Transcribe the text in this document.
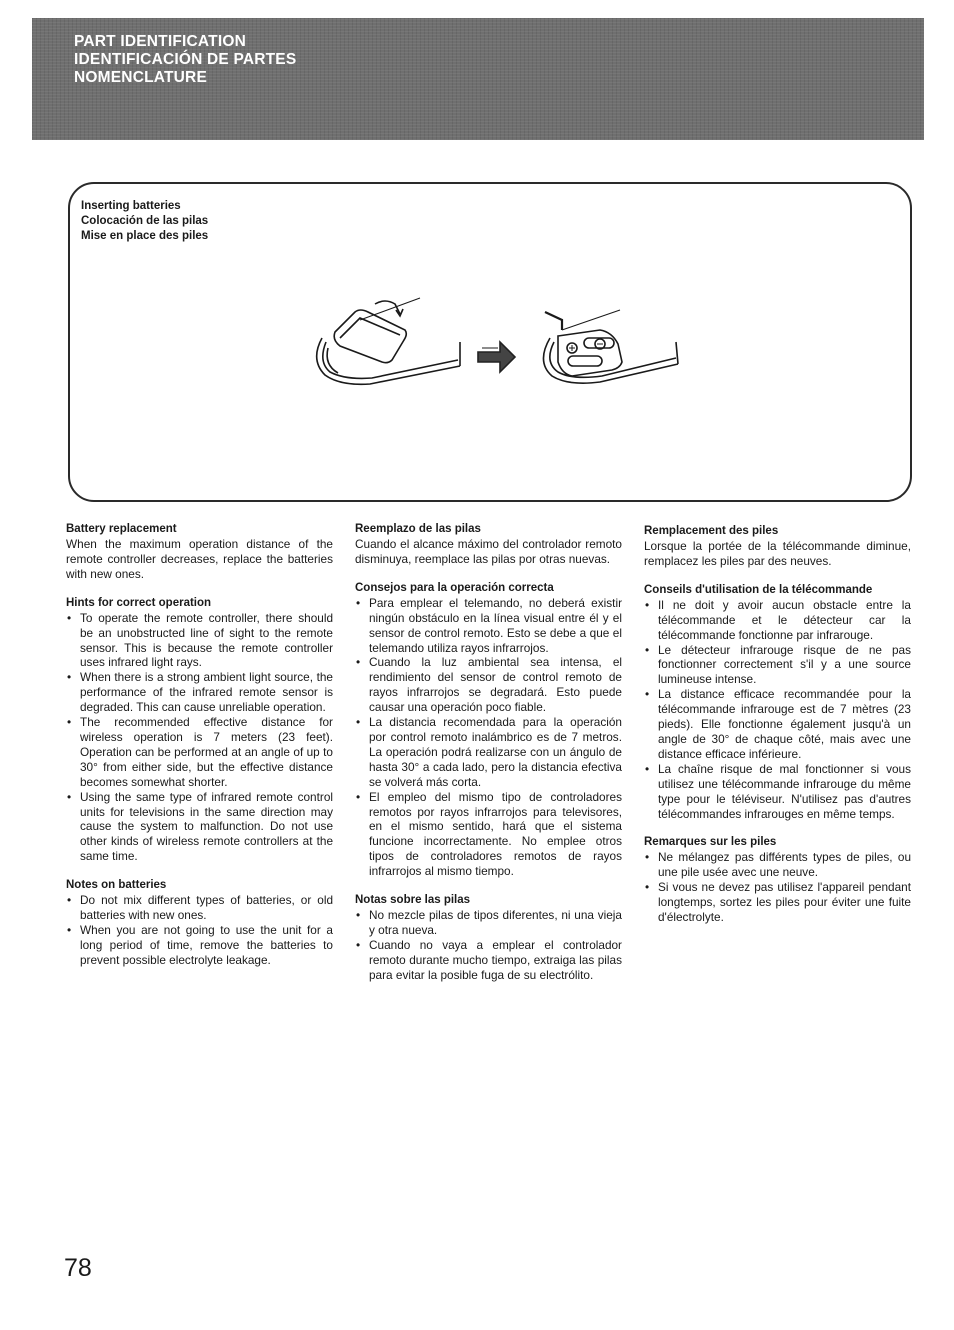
PART IDENTIFICATION
IDENTIFICACIÓN DE PARTES
NOMENCLATURE
Inserting batteries
Colocación de las pilas
Mise en place des piles
Battery replacement

When the maximum operation distance of the remote controller decreases, replace the batteries with new ones.

Hints for correct operation
• To operate the remote controller, there should be an unobstructed line of sight to the remote sensor. This is because the remote controller uses infrared light rays.
• When there is a strong ambient light source, the performance of the infrared remote sensor is degraded. This can cause unreliable operation.
• The recommended effective distance for wireless operation is 7 meters (23 feet). Operation can be performed at an angle of up to 30° from either side, but the effective distance becomes somewhat shorter.
• Using the same type of infrared remote control units for televisions in the same direction may cause the system to malfunction. Do not use other kinds of wireless remote controllers at the same time.
Notes on batteries
• Do not mix different types of batteries, or old batteries with new ones.
• When you are not going to use the unit for a long period of time, remove the batteries to prevent possible electrolyte leakage.
Reemplazo de las pilas

Cuando el alcance máximo del controlador remoto disminuya, reemplace las pilas por otras nuevas.

Consejos para la operación correcta
• Para emplear el telemando, no deberá existir ningún obstáculo en la línea visual entre él y el sensor de control remoto. Esto se debe a que el telemando utiliza rayos infrarrojos.
• Cuando la luz ambiental sea intensa, el rendimiento del sensor de control remoto de rayos infrarrojos se degradará. Esto puede causar una operación poco fiable.
• La distancia recomendada para la operación por control remoto inalámbrico es de 7 metros. La operación podrá realizarse con un ángulo de hasta 30° a cada lado, pero la distancia efectiva se volverá más corta.
• El empleo del mismo tipo de controladores remotos por rayos infrarrojos para televisores, en el mismo sentido, hará que el sistema funcione incorrectamente. No emplee otros tipos de controladores remotos de rayos infrarrojos al mismo tiempo.
Notas sobre las pilas
• No mezcle pilas de tipos diferentes, ni una vieja y otra nueva.
• Cuando no vaya a emplear el controlador remoto durante mucho tiempo, extraiga las pilas para evitar la posible fuga de su electrólito.
Remplacement des piles

Lorsque la portée de la télécommande diminue, remplacez les piles par des neuves.

Conseils d'utilisation de la télécommande
• Il ne doit y avoir aucun obstacle entre la télécommande et le détecteur car la télécommande fonctionne par infrarouge.
• Le détecteur infrarouge risque de ne pas fonctionner correctement s'il y a une source lumineuse intense.
• La distance efficace recommandée pour la télécommande infrarouge est de 7 mètres (23 pieds). Elle fonctionne également jusqu'à un angle de 30° de chaque côté, mais avec une distance efficace inférieure.
• La chaîne risque de mal fonctionner si vous utilisez une télécommande infrarouge du même type pour le téléviseur. N'utilisez pas d'autres télécommandes infrarouges en même temps.
Remarques sur les piles
• Ne mélangez pas différents types de piles, ou une pile usée avec une neuve.
• Si vous ne devez pas utilisez l'appareil pendant longtemps, sortez les piles pour éviter une fuite d'électrolyte.
78
